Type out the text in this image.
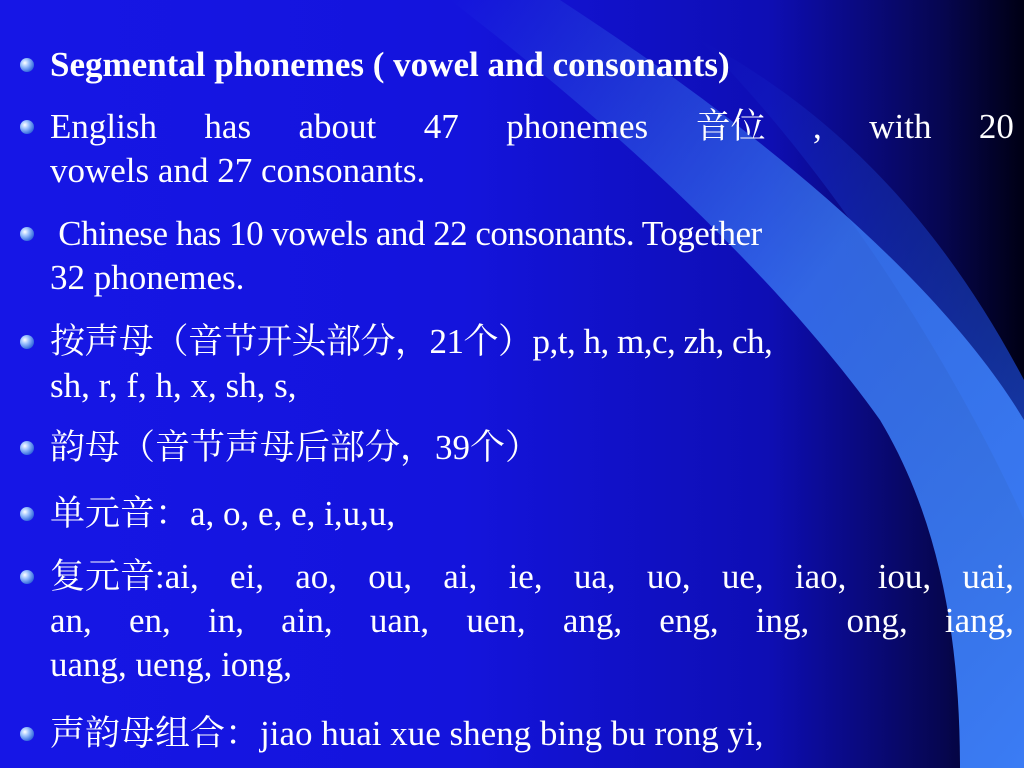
Segmental phonemes ( vowel and consonants)
English has about 47 phonemes 音位 , with 20
vowels and 27 consonants.
Chinese has 10 vowels and 22 consonants. Together
32 phonemes.
按声母（音节开头部分，21个）p,t, h, m,c, zh, ch,
sh, r, f, h, x, sh, s,
韵母（音节声母后部分，39个）
单元音：a, o, e, e, i,u,u,
复元音:ai, ei, ao, ou, ai, ie, ua, uo, ue, iao, iou, uai,
an, en, in, ain, uan, uen, ang, eng, ing, ong, iang,
uang, ueng, iong,
声韵母组合：jiao huai xue sheng bing bu rong yi,
